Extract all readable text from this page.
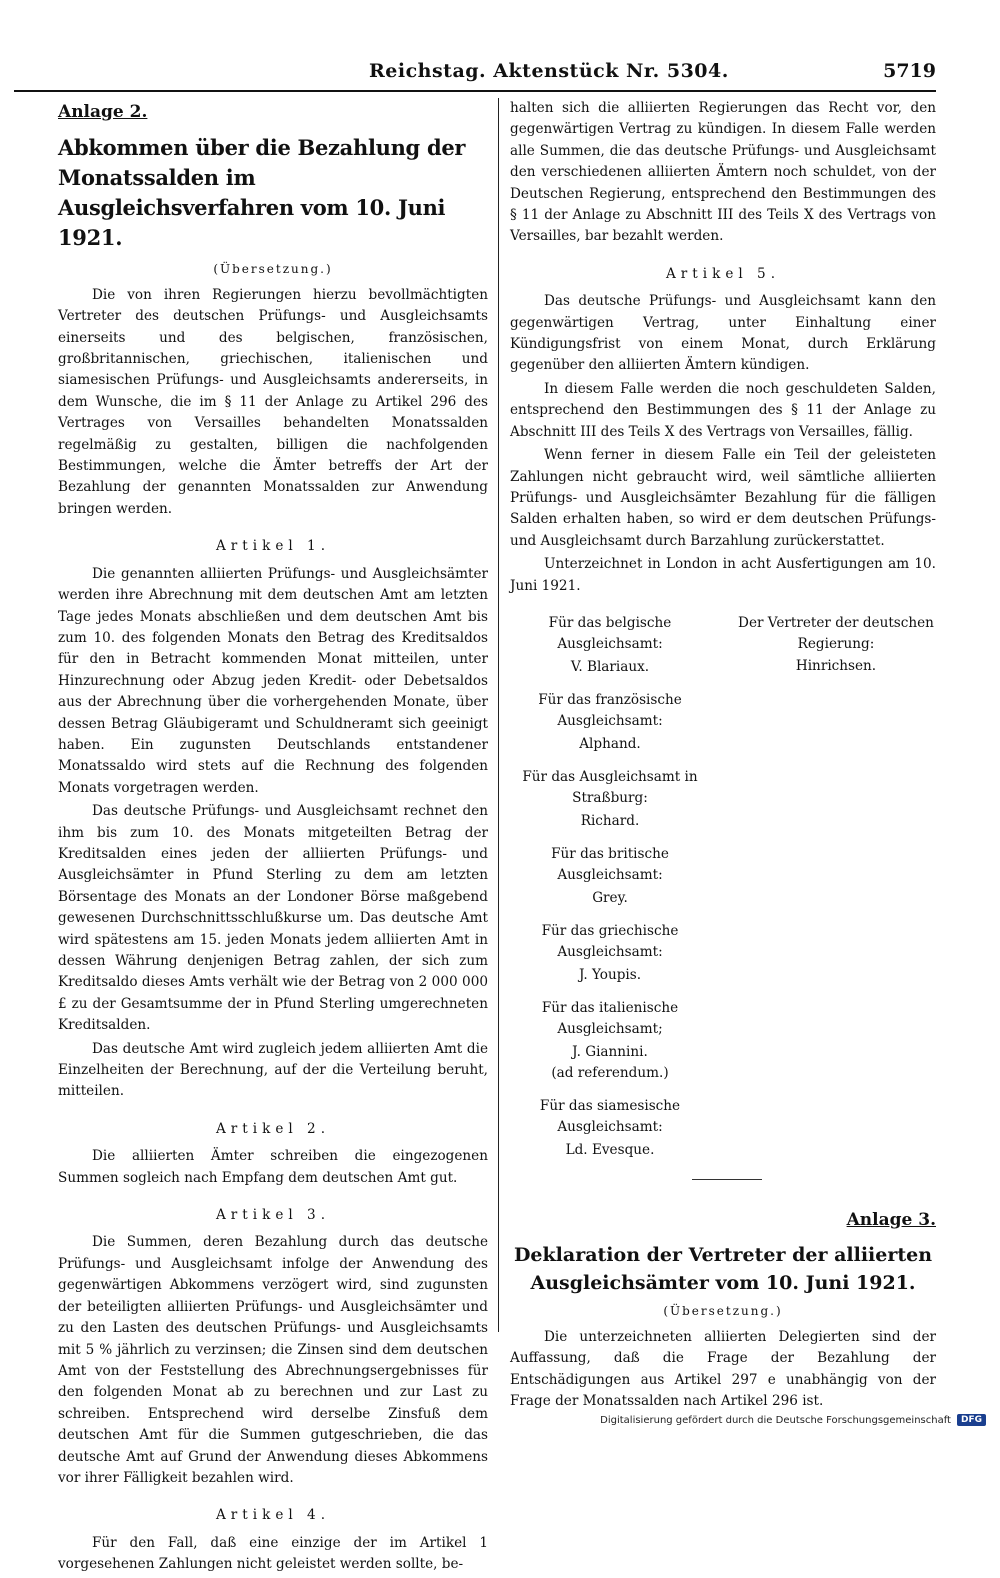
Reichstag. Aktenstück Nr. 5304.	5719
Anlage 2.
Abkommen über die Bezahlung der Monatssalden im Ausgleichsverfahren vom 10. Juni 1921.
(Übersetzung.)

Die von ihren Regierungen hierzu bevollmächtigten Vertreter des deutschen Prüfungs- und Ausgleichsamts einerseits und des belgischen, französischen, großbritannischen, griechischen, italienischen und siamesischen Prüfungs- und Ausgleichsamts andererseits, in dem Wunsche, die im § 11 der Anlage zu Artikel 296 des Vertrages von Versailles behandelten Monatssalden regelmäßig zu gestalten, billigen die nachfolgenden Bestimmungen, welche die Ämter betreffs der Art der Bezahlung der genannten Monatssalden zur Anwendung bringen werden.

Artikel 1.

Die genannten alliierten Prüfungs- und Ausgleichsämter werden ihre Abrechnung mit dem deutschen Amt am letzten Tage jedes Monats abschließen und dem deutschen Amt bis zum 10. des folgenden Monats den Betrag des Kreditsaldos für den in Betracht kommenden Monat mitteilen, unter Hinzurechnung oder Abzug jeden Kredit- oder Debetsaldos aus der Abrechnung über die vorhergehenden Monate, über dessen Betrag Gläubigeramt und Schuldneramt sich geeinigt haben. Ein zugunsten Deutschlands entstandener Monatssaldo wird stets auf die Rechnung des folgenden Monats vorgetragen werden.

Das deutsche Prüfungs- und Ausgleichsamt rechnet den ihm bis zum 10. des Monats mitgeteilten Betrag der Kreditsalden eines jeden der alliierten Prüfungs- und Ausgleichsämter in Pfund Sterling zu dem am letzten Börsentage des Monats an der Londoner Börse maßgebend gewesenen Durchschnittsschlußkurse um. Das deutsche Amt wird spätestens am 15. jeden Monats jedem alliierten Amt in dessen Währung denjenigen Betrag zahlen, der sich zum Kreditsaldo dieses Amts verhält wie der Betrag von 2 000 000 £ zu der Gesamtsumme der in Pfund Sterling umgerechneten Kreditsalden.

Das deutsche Amt wird zugleich jedem alliierten Amt die Einzelheiten der Berechnung, auf der die Verteilung beruht, mitteilen.

Artikel 2.

Die alliierten Ämter schreiben die eingezogenen Summen sogleich nach Empfang dem deutschen Amt gut.

Artikel 3.

Die Summen, deren Bezahlung durch das deutsche Prüfungs- und Ausgleichsamt infolge der Anwendung des gegenwärtigen Abkommens verzögert wird, sind zugunsten der beteiligten alliierten Prüfungs- und Ausgleichsämter und zu den Lasten des deutschen Prüfungs- und Ausgleichsamts mit 5 % jährlich zu verzinsen; die Zinsen sind dem deutschen Amt von der Feststellung des Abrechnungsergebnisses für den folgenden Monat ab zu berechnen und zur Last zu schreiben. Entsprechend wird derselbe Zinsfuß dem deutschen Amt für die Summen gutgeschrieben, die das deutsche Amt auf Grund der Anwendung dieses Abkommens vor ihrer Fälligkeit bezahlen wird.

Artikel 4.

Für den Fall, daß eine einzige der im Artikel 1 vorgesehenen Zahlungen nicht geleistet werden sollte, be-

halten sich die alliierten Regierungen das Recht vor, den gegenwärtigen Vertrag zu kündigen. In diesem Falle werden alle Summen, die das deutsche Prüfungs- und Ausgleichsamt den verschiedenen alliierten Ämtern noch schuldet, von der Deutschen Regierung, entsprechend den Bestimmungen des § 11 der Anlage zu Abschnitt III des Teils X des Vertrags von Versailles, bar bezahlt werden.

Artikel 5.

Das deutsche Prüfungs- und Ausgleichsamt kann den gegenwärtigen Vertrag, unter Einhaltung einer Kündigungsfrist von einem Monat, durch Erklärung gegenüber den alliierten Ämtern kündigen.

In diesem Falle werden die noch geschuldeten Salden, entsprechend den Bestimmungen des § 11 der Anlage zu Abschnitt III des Teils X des Vertrags von Versailles, fällig.

Wenn ferner in diesem Falle ein Teil der geleisteten Zahlungen nicht gebraucht wird, weil sämtliche alliierten Prüfungs- und Ausgleichsämter Bezahlung für die fälligen Salden erhalten haben, so wird er dem deutschen Prüfungs- und Ausgleichsamt durch Barzahlung zurückerstattet.

Unterzeichnet in London in acht Ausfertigungen am 10. Juni 1921.

Für das belgische Ausgleichsamt:
V. Blariaux.
Für das französische Ausgleichsamt:
Alphand.
Für das Ausgleichsamt in Straßburg:
Richard.
Für das britische Ausgleichsamt:
Grey.
Für das griechische Ausgleichsamt:
J. Youpis.
Für das italienische Ausgleichsamt;
J. Giannini.
(ad referendum.)
Für das siamesische Ausgleichsamt:
Ld. Evesque.
Der Vertreter der deutschen Regierung:
Hinrichsen.
Anlage 3.
Deklaration der Vertreter der alliierten Ausgleichsämter vom 10. Juni 1921.
(Übersetzung.)

Die unterzeichneten alliierten Delegierten sind der Auffassung, daß die Frage der Bezahlung der Entschädigungen aus Artikel 297 e unabhängig von der Frage der Monatssalden nach Artikel 296 ist.

Digitalisierung gefördert durch die Deutsche Forschungsgemeinschaft	DFG
